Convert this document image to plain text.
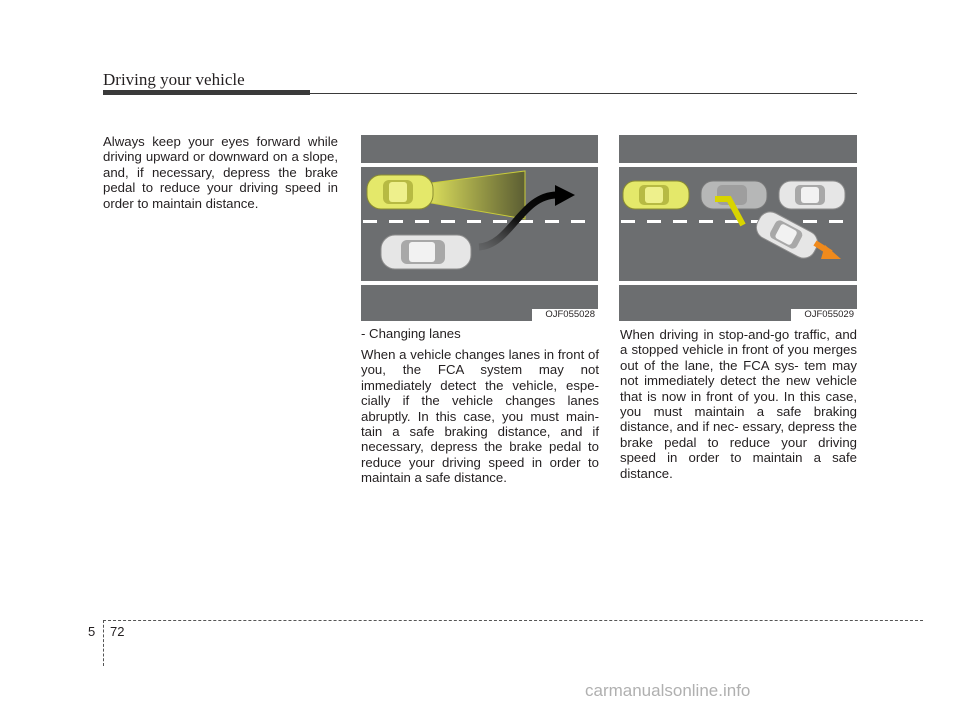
Driving your vehicle

Always keep your eyes forward while driving upward or downward on a slope, and, if necessary, depress the brake pedal to reduce your driving speed in order to maintain distance.

OJF055028	OJF055029

- Changing lanes

When a vehicle changes lanes in front of you, the FCA system may not immediately detect the vehicle, espe- cially if the vehicle changes lanes abruptly. In this case, you must main- tain a safe braking distance, and if necessary, depress the brake pedal to reduce your driving speed in order to maintain a safe distance.

When driving in stop-and-go traffic, and a stopped vehicle in front of you merges out of the lane, the FCA sys- tem may not immediately detect the new vehicle that is now in front of you. In this case, you must maintain a safe braking distance, and if nec- essary, depress the brake pedal to reduce your driving speed in order to maintain a safe distance.

5 72
carmanualsonline.info
